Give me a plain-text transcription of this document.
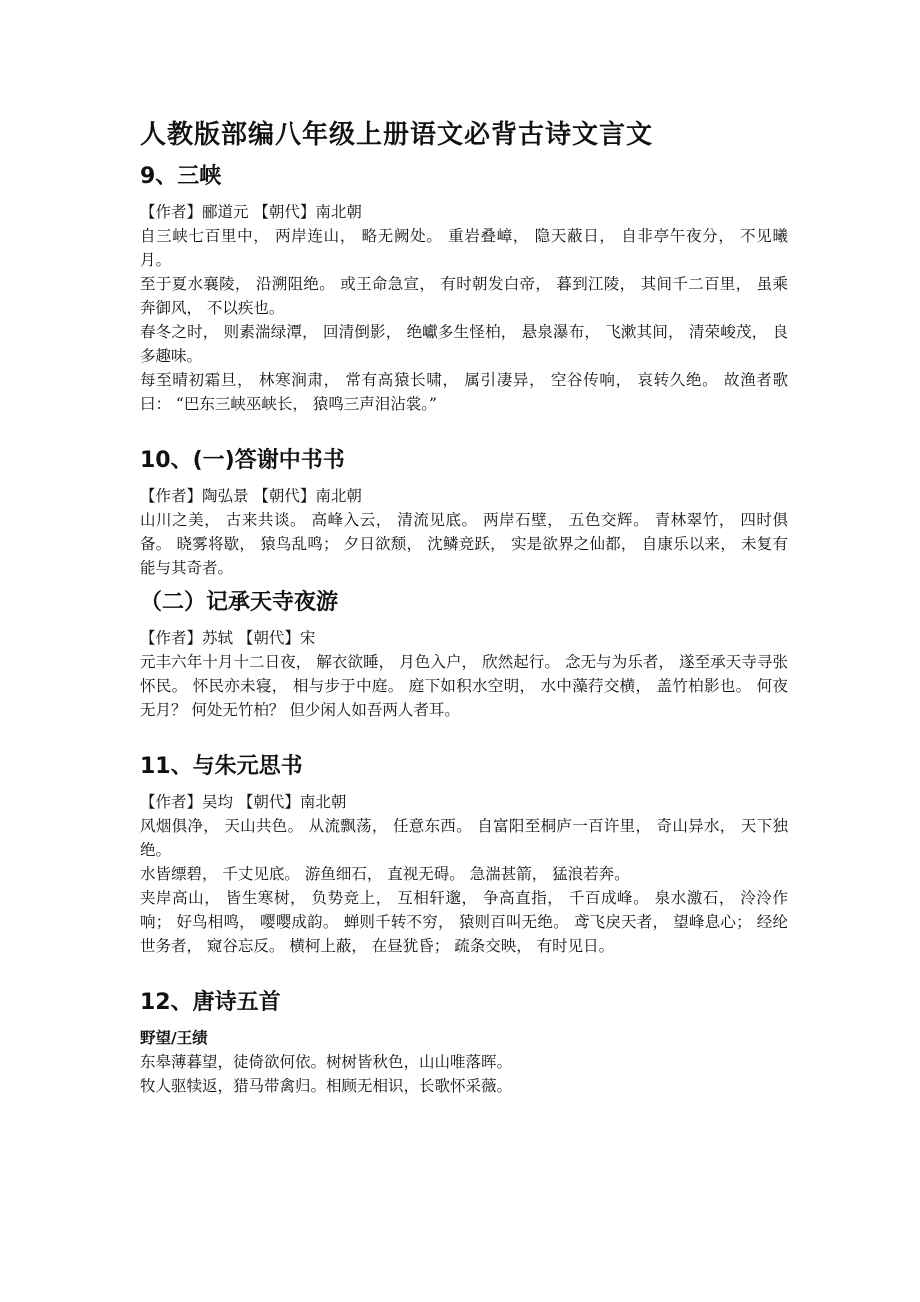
人教版部编八年级上册语文必背古诗文言文
9、三峡

【作者】郦道元 【朝代】南北朝

自三峡七百里中， 两岸连山， 略无阙处。 重岩叠嶂， 隐天蔽日， 自非亭午夜分， 不见曦月。

至于夏水襄陵， 沿溯阻绝。 或王命急宣， 有时朝发白帝， 暮到江陵， 其间千二百里， 虽乘奔御风， 不以疾也。

春冬之时， 则素湍绿潭， 回清倒影， 绝巘多生怪柏， 悬泉瀑布， 飞漱其间， 清荣峻茂， 良多趣味。

每至晴初霜旦， 林寒涧肃， 常有高猿长啸， 属引凄异， 空谷传响， 哀转久绝。 故渔者歌曰： “巴东三峡巫峡长， 猿鸣三声泪沾裳。”

10、(一)答谢中书书

【作者】陶弘景 【朝代】南北朝

山川之美， 古来共谈。 高峰入云， 清流见底。 两岸石壁， 五色交辉。 青林翠竹， 四时俱备。 晓雾将歇， 猿鸟乱鸣； 夕日欲颓， 沈鳞竞跃， 实是欲界之仙都， 自康乐以来， 未复有能与其奇者。

（二）记承天寺夜游

【作者】苏轼 【朝代】宋

元丰六年十月十二日夜， 解衣欲睡， 月色入户， 欣然起行。 念无与为乐者， 遂至承天寺寻张怀民。 怀民亦未寝， 相与步于中庭。 庭下如积水空明， 水中藻荇交横， 盖竹柏影也。 何夜无月？ 何处无竹柏？ 但少闲人如吾两人者耳。

11、与朱元思书

【作者】吴均 【朝代】南北朝

风烟俱净， 天山共色。 从流飘荡， 任意东西。 自富阳至桐庐一百许里， 奇山异水， 天下独绝。

水皆缥碧， 千丈见底。 游鱼细石， 直视无碍。 急湍甚箭， 猛浪若奔。

夹岸高山， 皆生寒树， 负势竞上， 互相轩邈， 争高直指， 千百成峰。 泉水激石， 泠泠作响； 好鸟相鸣， 嘤嘤成韵。 蝉则千转不穷， 猿则百叫无绝。 鸢飞戾天者， 望峰息心； 经纶世务者， 窥谷忘反。 横柯上蔽， 在昼犹昏； 疏条交映， 有时见日。

12、唐诗五首

野望/王绩

东皋薄暮望，徒倚欲何依。树树皆秋色，山山唯落晖。

牧人驱犊返，猎马带禽归。相顾无相识，长歌怀采薇。
